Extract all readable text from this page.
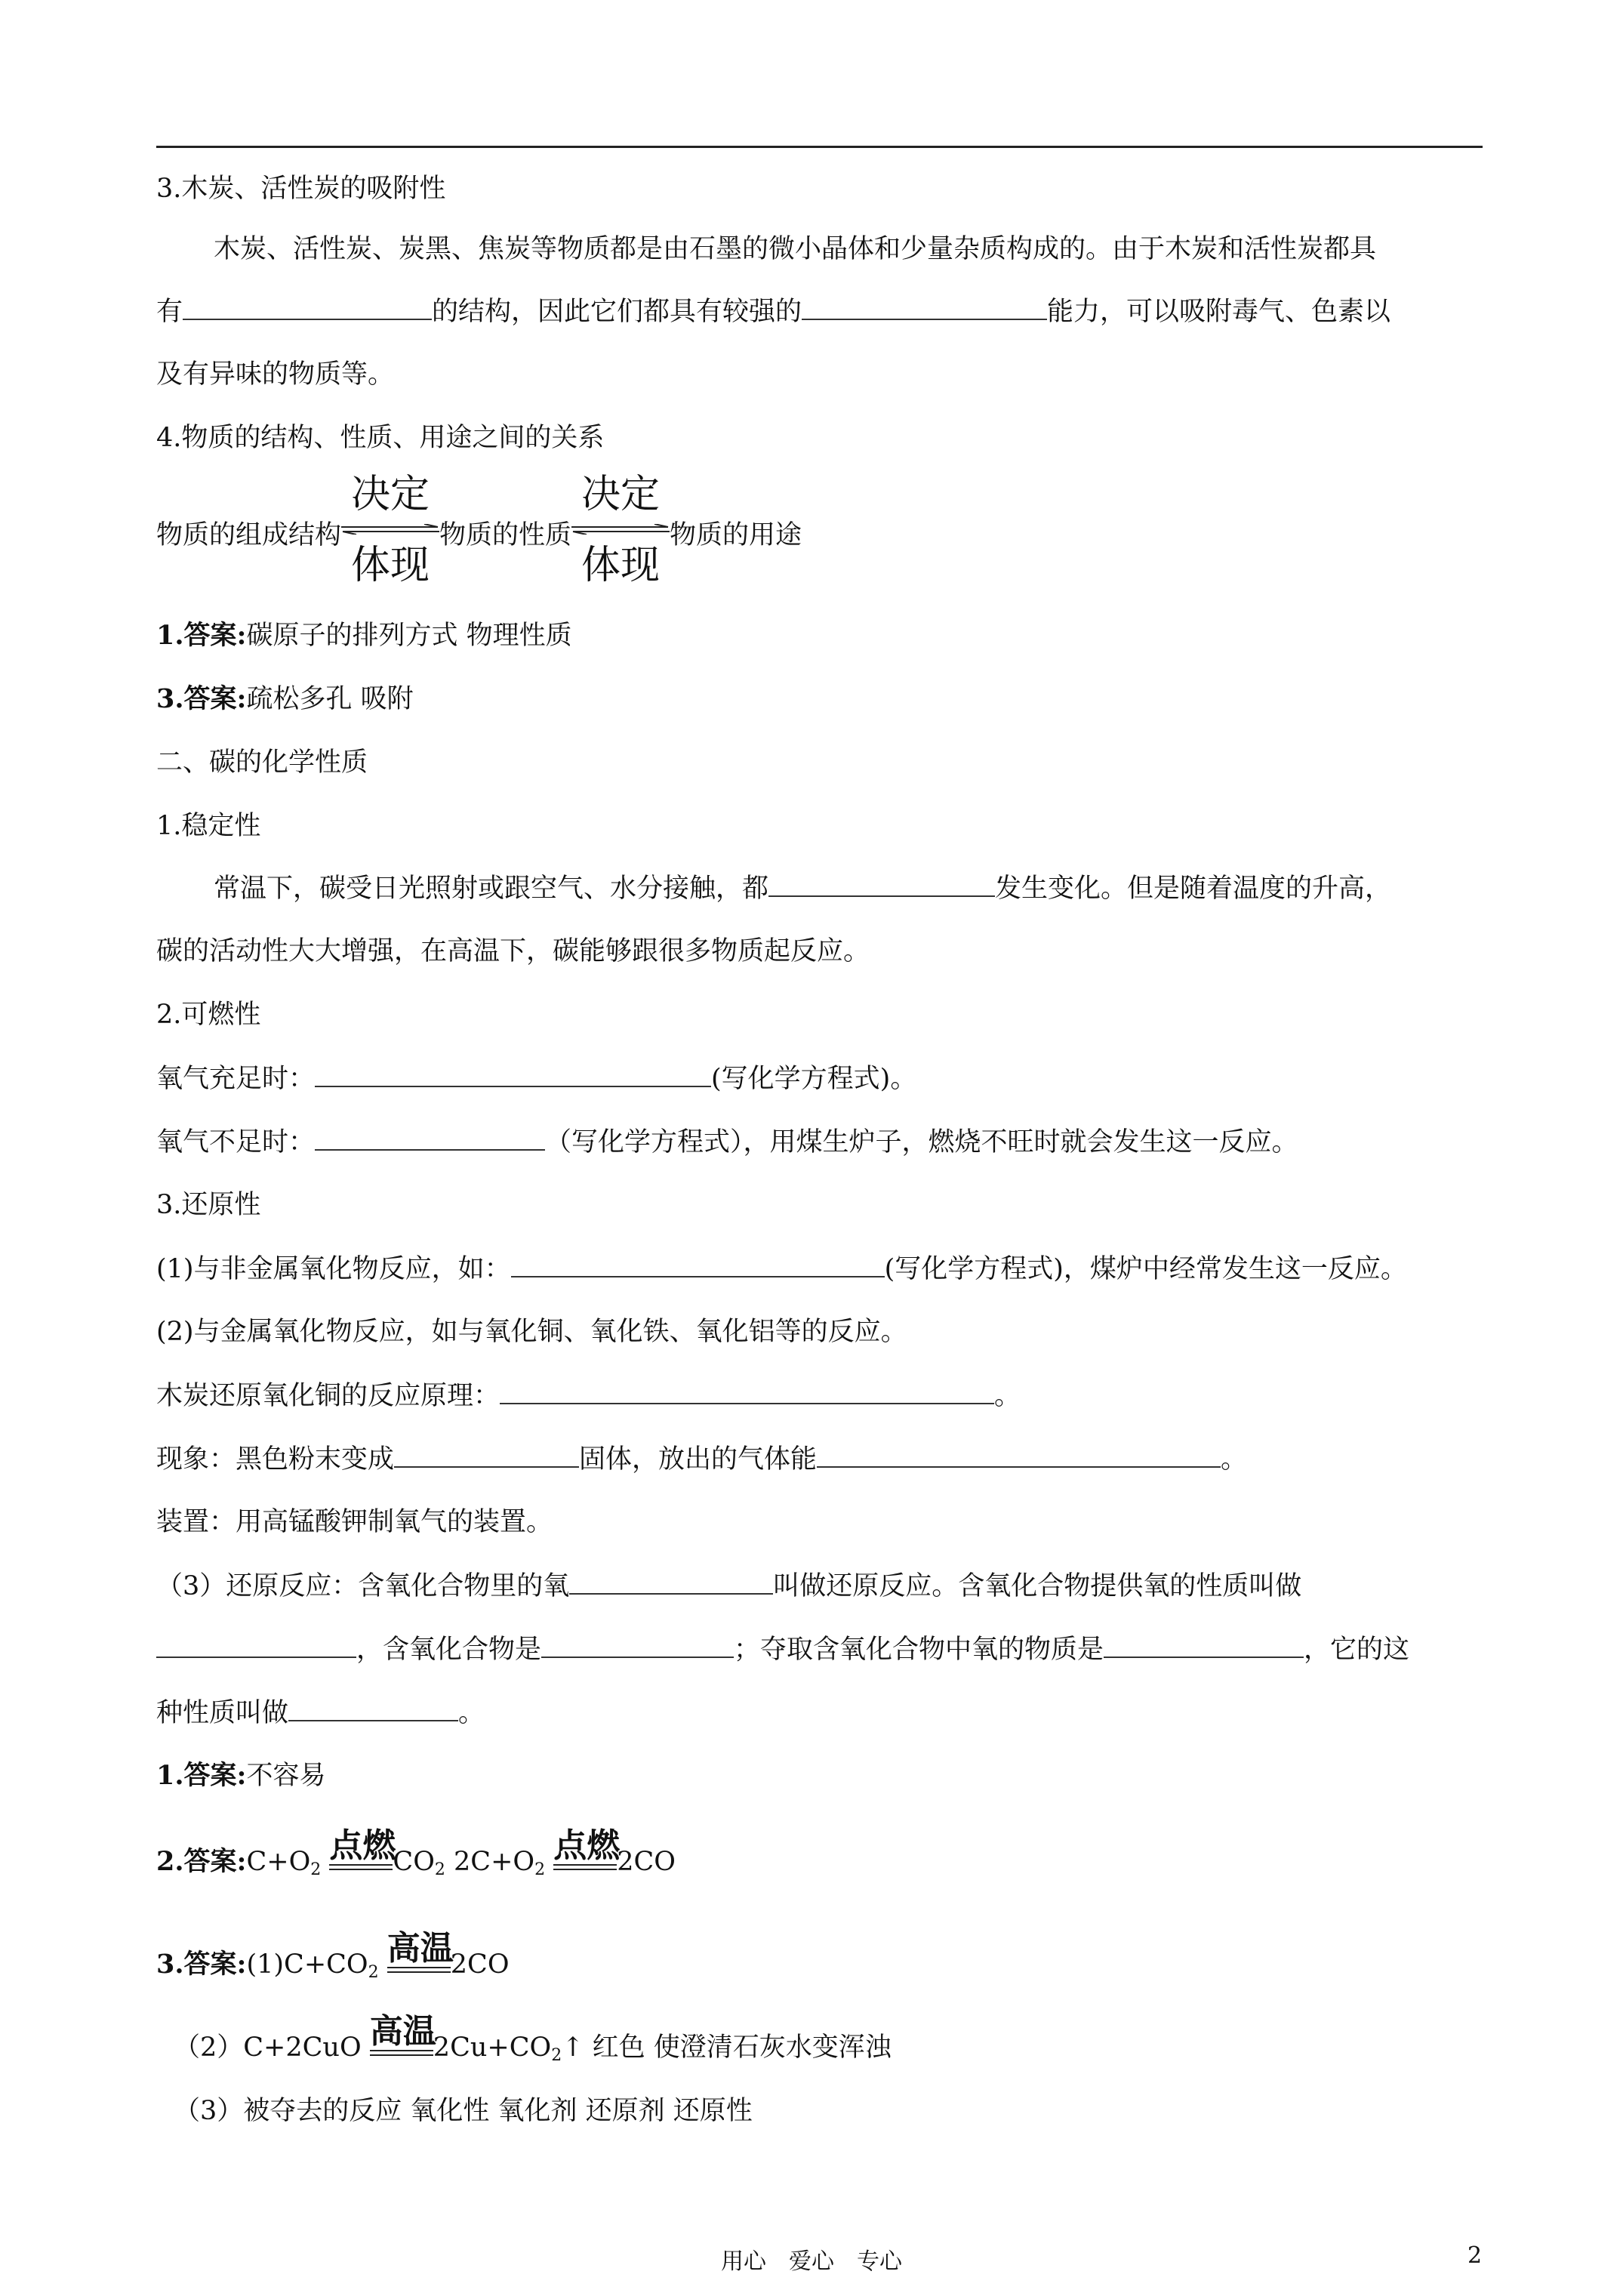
3.木炭、活性炭的吸附性
木炭、活性炭、炭黑、焦炭等物质都是由石墨的微小晶体和少量杂质构成的。由于木炭和活性炭都具
有	的结构，因此它们都具有较强的	能力，可以吸附毒气、色素以
及有异味的物质等。
4.物质的结构、性质、用途之间的关系
物质的组成结构
决定
体现
物质的性质
决定
体现
物质的用途
1.答案:碳原子的排列方式 物理性质
3.答案:疏松多孔 吸附
二、碳的化学性质
1.稳定性
常温下，碳受日光照射或跟空气、水分接触，都	发生变化。但是随着温度的升高，
碳的活动性大大增强，在高温下，碳能够跟很多物质起反应。
2.可燃性
氧气充足时：	(写化学方程式)。
氧气不足时：	（写化学方程式），用煤生炉子，燃烧不旺时就会发生这一反应。
3.还原性
(1)与非金属氧化物反应，如：	(写化学方程式)，煤炉中经常发生这一反应。
(2)与金属氧化物反应，如与氧化铜、氧化铁、氧化铝等的反应。
木炭还原氧化铜的反应原理：	。
现象：黑色粉末变成	固体，放出的气体能	。
装置：用高锰酸钾制氧气的装置。
（3）还原反应：含氧化合物里的氧	叫做还原反应。含氧化合物提供氧的性质叫做
，含氧化合物是	；夺取含氧化合物中氧的物质是	，它的这
种性质叫做	。
1.答案:不容易
2.答案$:C+O_2$
点燃
$CO_2$ $2C+O_2$
点燃
2CO
3.答案$:(1)C+CO_2$
高温
2CO
（2）C+2CuO 高温
$2Cu+CO_2↑$ 红色 使澄清石灰水变浑浊
（3）被夺去的反应 氧化性 氧化剂 还原剂 还原性
用心　爱心　专心	2
